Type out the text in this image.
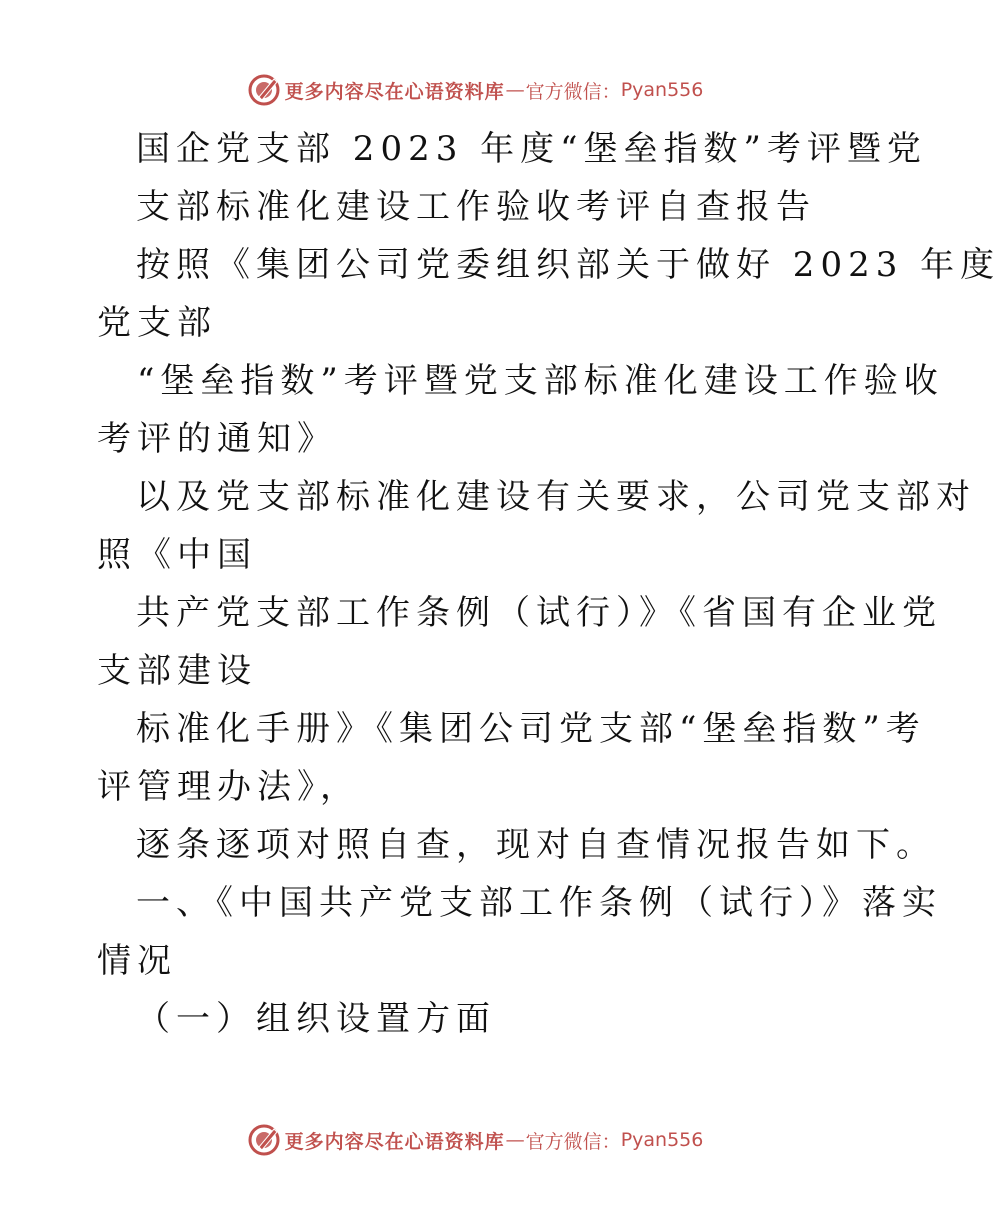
更多内容尽在心语资料库 — 官方微信： Pyan556
国企党支部 2023 年度“堡垒指数”考评暨党
支部标准化建设工作验收考评自查报告
按照《集团公司党委组织部关于做好 2023 年度
党支部
“堡垒指数”考评暨党支部标准化建设工作验收
考评的通知》
以及党支部标准化建设有关要求，公司党支部对
照《中国
共产党支部工作条例（试行）》《省国有企业党
支部建设
标准化手册》《集团公司党支部“堡垒指数”考
评管理办法》，
逐条逐项对照自查，现对自查情况报告如下。
一、《中国共产党支部工作条例（试行）》落实
情况
（一）组织设置方面
更多内容尽在心语资料库 — 官方微信： Pyan556
